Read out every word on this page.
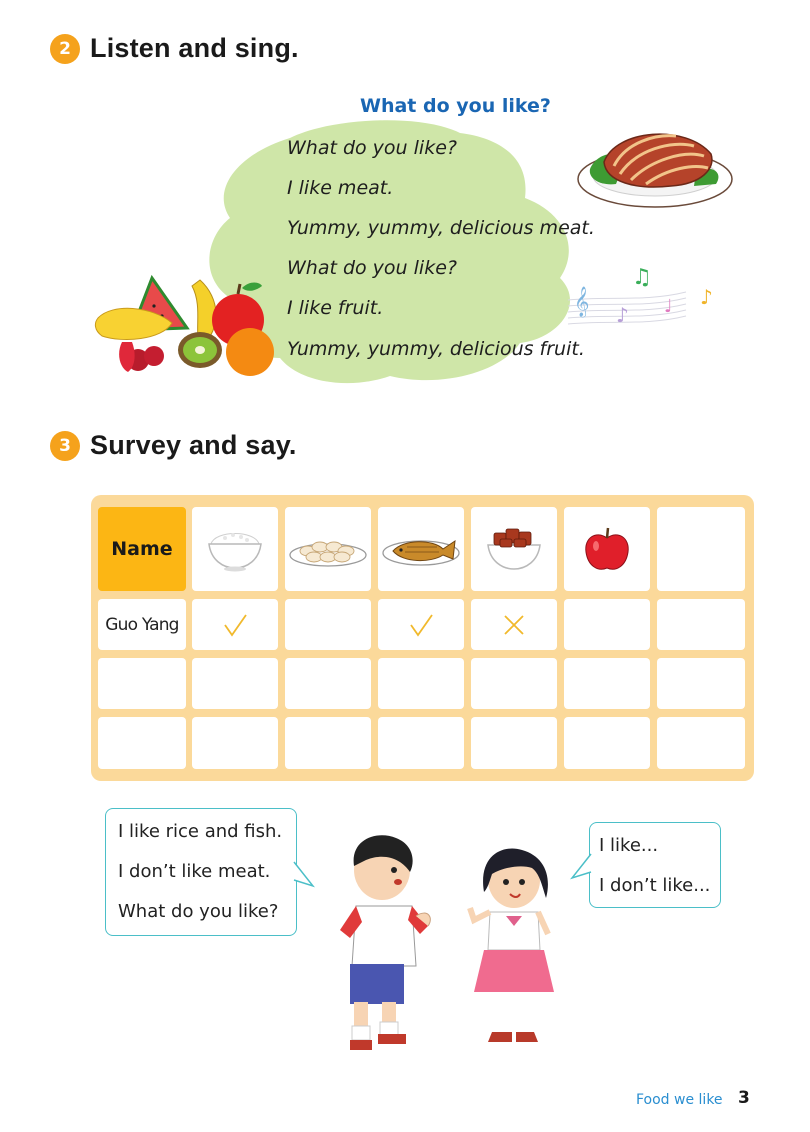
2 Listen and sing.
𝄞
♫
♪ ♩ ♪
What do you like?
What do you like?
I like meat.
Yummy, yummy, delicious meat.
What do you like?
I like fruit.
Yummy, yummy, delicious fruit.
3 Survey and say.
Name
Guo Yang
I like rice and fish.
I don’t like meat.
What do you like?
I like...
I don’t like...
Food we like 3
